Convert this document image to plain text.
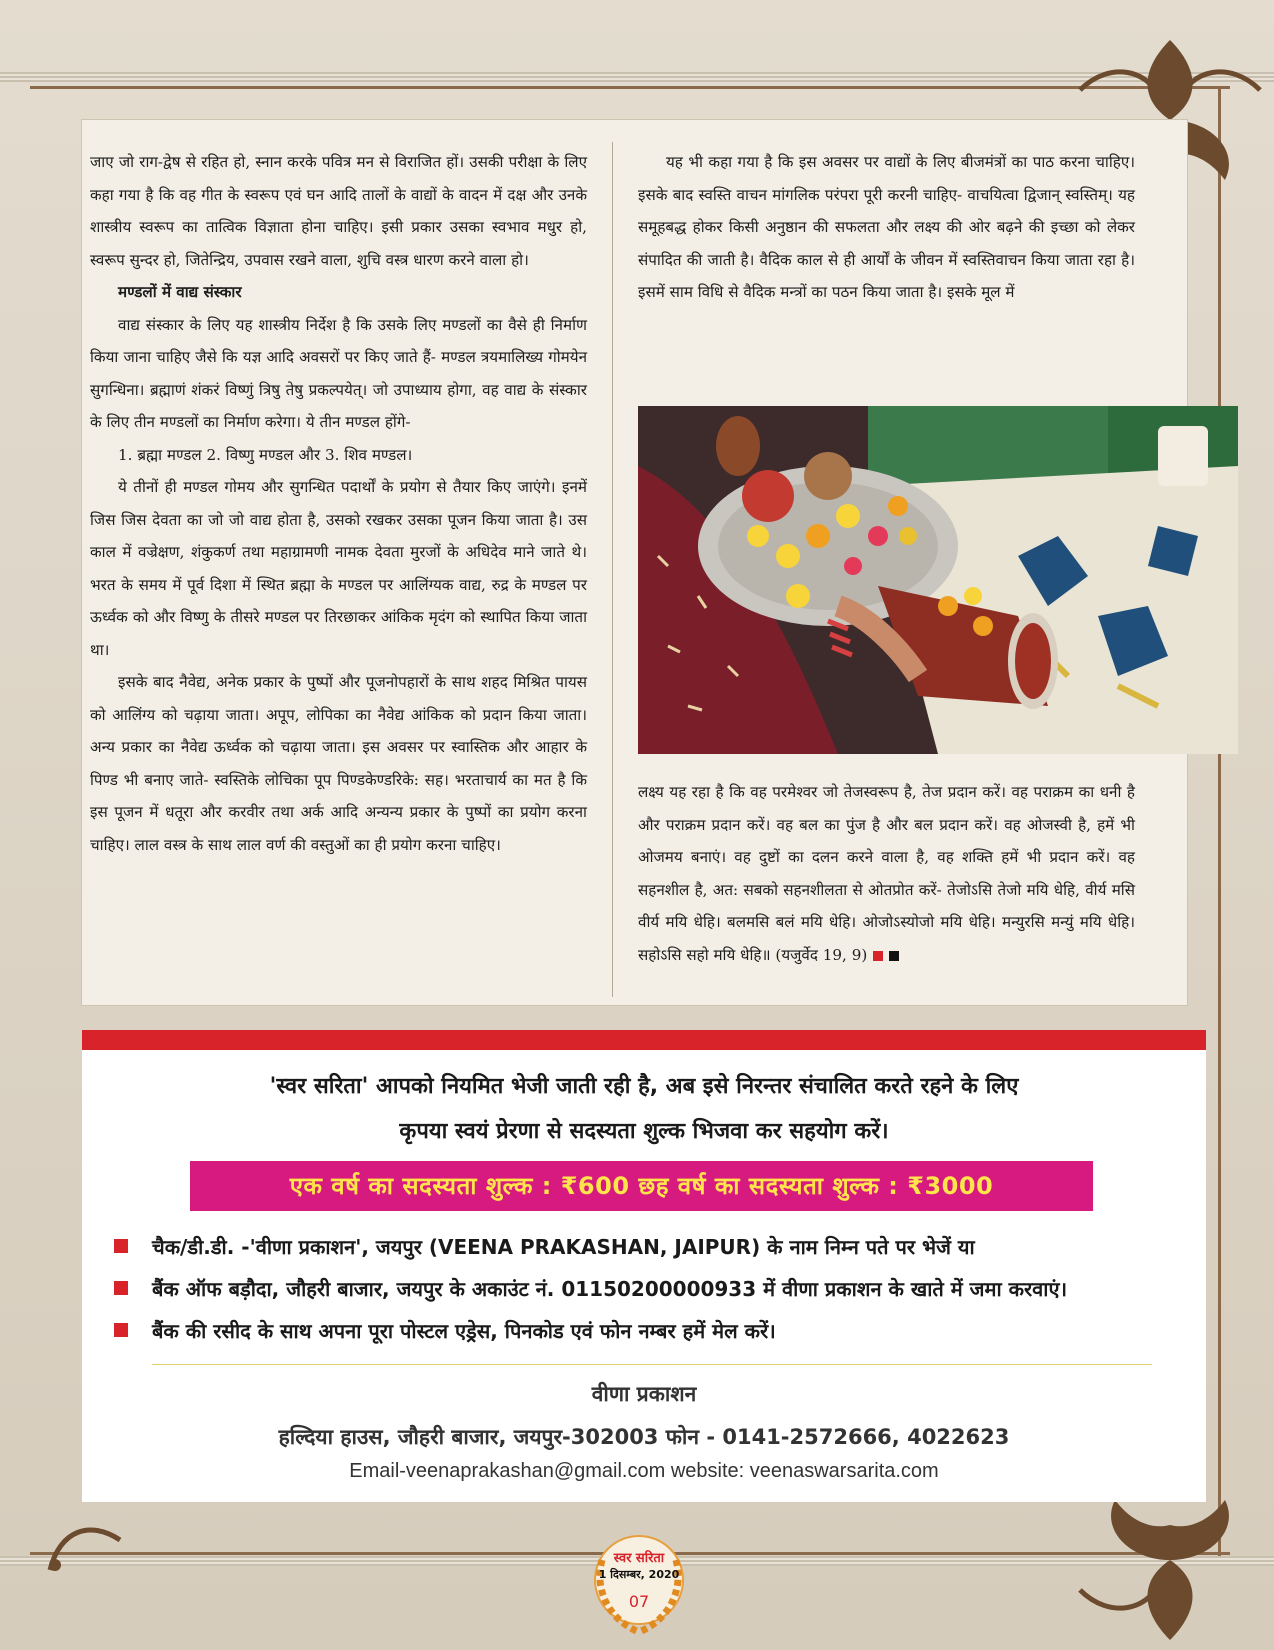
जाए जो राग-द्वेष से रहित हो, स्नान करके पवित्र मन से विराजित हों। उसकी परीक्षा के लिए कहा गया है कि वह गीत के स्वरूप एवं घन आदि तालों के वाद्यों के वादन में दक्ष और उनके शास्त्रीय स्वरूप का तात्विक विज्ञाता होना चाहिए। इसी प्रकार उसका स्वभाव मधुर हो, स्वरूप सुन्दर हो, जितेन्द्रिय, उपवास रखने वाला, शुचि वस्त्र धारण करने वाला हो।

मण्डलों में वाद्य संस्कार

वाद्य संस्कार के लिए यह शास्त्रीय निर्देश है कि उसके लिए मण्डलों का वैसे ही निर्माण किया जाना चाहिए जैसे कि यज्ञ आदि अवसरों पर किए जाते हैं- मण्डल त्रयमालिख्य गोमयेन सुगन्धिना। ब्रह्माणं शंकरं विष्णुं त्रिषु तेषु प्रकल्पयेत्। जो उपाध्याय होगा, वह वाद्य के संस्कार के लिए तीन मण्डलों का निर्माण करेगा। ये तीन मण्डल होंगे-

1. ब्रह्मा मण्डल 2. विष्णु मण्डल और 3. शिव मण्डल।

ये तीनों ही मण्डल गोमय और सुगन्धित पदार्थों के प्रयोग से तैयार किए जाएंगे। इनमें जिस जिस देवता का जो जो वाद्य होता है, उसको रखकर उसका पूजन किया जाता है। उस काल में वज्रेक्षण, शंकुकर्ण तथा महाग्रामणी नामक देवता मुरजों के अधिदेव माने जाते थे। भरत के समय में पूर्व दिशा में स्थित ब्रह्मा के मण्डल पर आलिंग्यक वाद्य, रुद्र के मण्डल पर ऊर्ध्वक को और विष्णु के तीसरे मण्डल पर तिरछाकर आंकिक मृदंग को स्थापित किया जाता था।

इसके बाद नैवेद्य, अनेक प्रकार के पुष्पों और पूजनोपहारों के साथ शहद मिश्रित पायस को आलिंग्य को चढ़ाया जाता। अपूप, लोपिका का नैवेद्य आंकिक को प्रदान किया जाता। अन्य प्रकार का नैवेद्य ऊर्ध्वक को चढ़ाया जाता। इस अवसर पर स्वास्तिक और आहार के पिण्ड भी बनाए जाते- स्वस्तिके लोचिका पूप पिण्डकेण्डरिके: सह। भरताचार्य का मत है कि इस पूजन में धतूरा और करवीर तथा अर्क आदि अन्यन्य प्रकार के पुष्पों का प्रयोग करना चाहिए। लाल वस्त्र के साथ लाल वर्ण की वस्तुओं का ही प्रयोग करना चाहिए।

यह भी कहा गया है कि इस अवसर पर वाद्यों के लिए बीजमंत्रों का पाठ करना चाहिए। इसके बाद स्वस्ति वाचन मांगलिक परंपरा पूरी करनी चाहिए- वाचयित्वा द्विजान् स्वस्तिम्। यह समूहबद्ध होकर किसी अनुष्ठान की सफलता और लक्ष्य की ओर बढ़ने की इच्छा को लेकर संपादित की जाती है। वैदिक काल से ही आर्यों के जीवन में स्वस्तिवाचन किया जाता रहा है। इसमें साम विधि से वैदिक मन्त्रों का पठन किया जाता है। इसके मूल में

लक्ष्य यह रहा है कि वह परमेश्वर जो तेजस्वरूप है, तेज प्रदान करें। वह पराक्रम का धनी है और पराक्रम प्रदान करें। वह बल का पुंज है और बल प्रदान करें। वह ओजस्वी है, हमें भी ओजमय बनाएं। वह दुष्टों का दलन करने वाला है, वह शक्ति हमें भी प्रदान करें। वह सहनशील है, अत: सबको सहनशीलता से ओतप्रोत करें- तेजोऽसि तेजो मयि धेहि, वीर्य मसि वीर्य मयि धेहि। बलमसि बलं मयि धेहि। ओजोऽस्योजो मयि धेहि। मन्युरसि मन्युं मयि धेहि। सहोऽसि सहो मयि धेहि॥ (यजुर्वेद 19, 9)

'स्वर सरिता' आपको नियमित भेजी जाती रही है, अब इसे निरन्तर संचालित करते रहने के लिए
कृपया स्वयं प्रेरणा से सदस्यता शुल्क भिजवा कर सहयोग करें।
एक वर्ष का सदस्यता शुल्क : ₹600 छह वर्ष का सदस्यता शुल्क : ₹3000
चैक/डी.डी. -'वीणा प्रकाशन', जयपुर (VEENA PRAKASHAN, JAIPUR) के नाम निम्न पते पर भेजें या
बैंक ऑफ बड़ौदा, जौहरी बाजार, जयपुर के अकाउंट नं. 01150200000933 में वीणा प्रकाशन के खाते में जमा करवाएं।
बैंक की रसीद के साथ अपना पूरा पोस्टल एड्रेस, पिनकोड एवं फोन नम्बर हमें मेल करें।
वीणा प्रकाशन
हल्दिया हाउस, जौहरी बाजार, जयपुर-302003 फोन - 0141-2572666, 4022623
Email-veenaprakashan@gmail.com website: veenaswarsarita.com
स्वर सरिता
1 दिसम्बर, 2020
07
